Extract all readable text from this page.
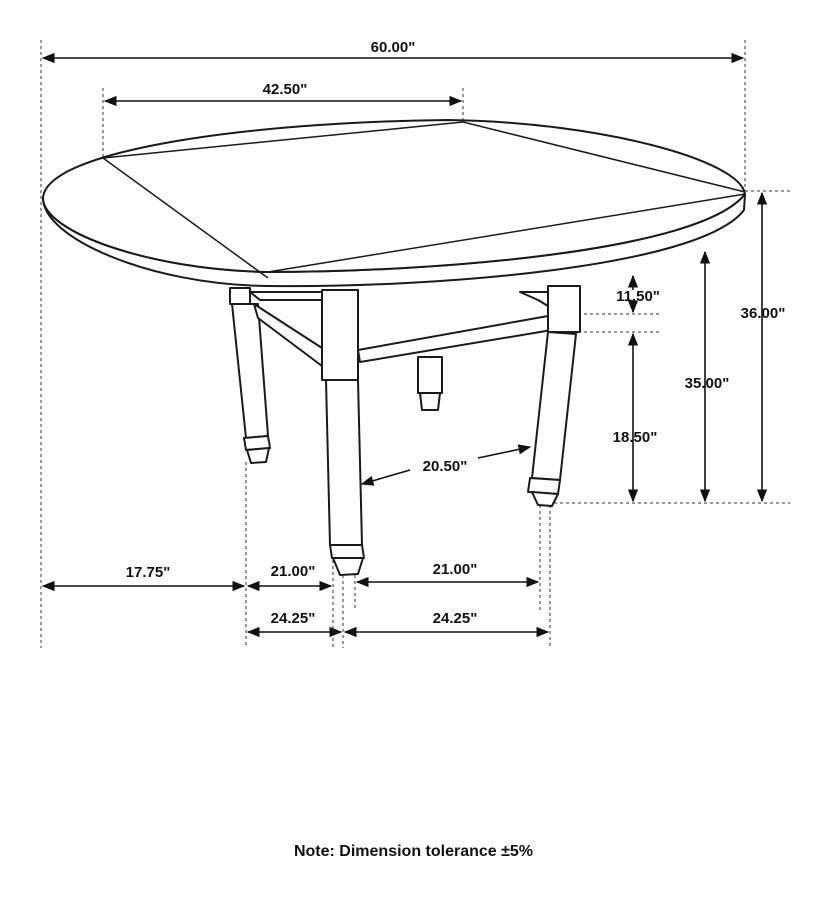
60.00"
42.50"
36.00"
35.00"
11.50"
18.50"
20.50"
17.75"	21.00"	21.00"
24.25"	24.25"
Note: Dimension tolerance ±5%
